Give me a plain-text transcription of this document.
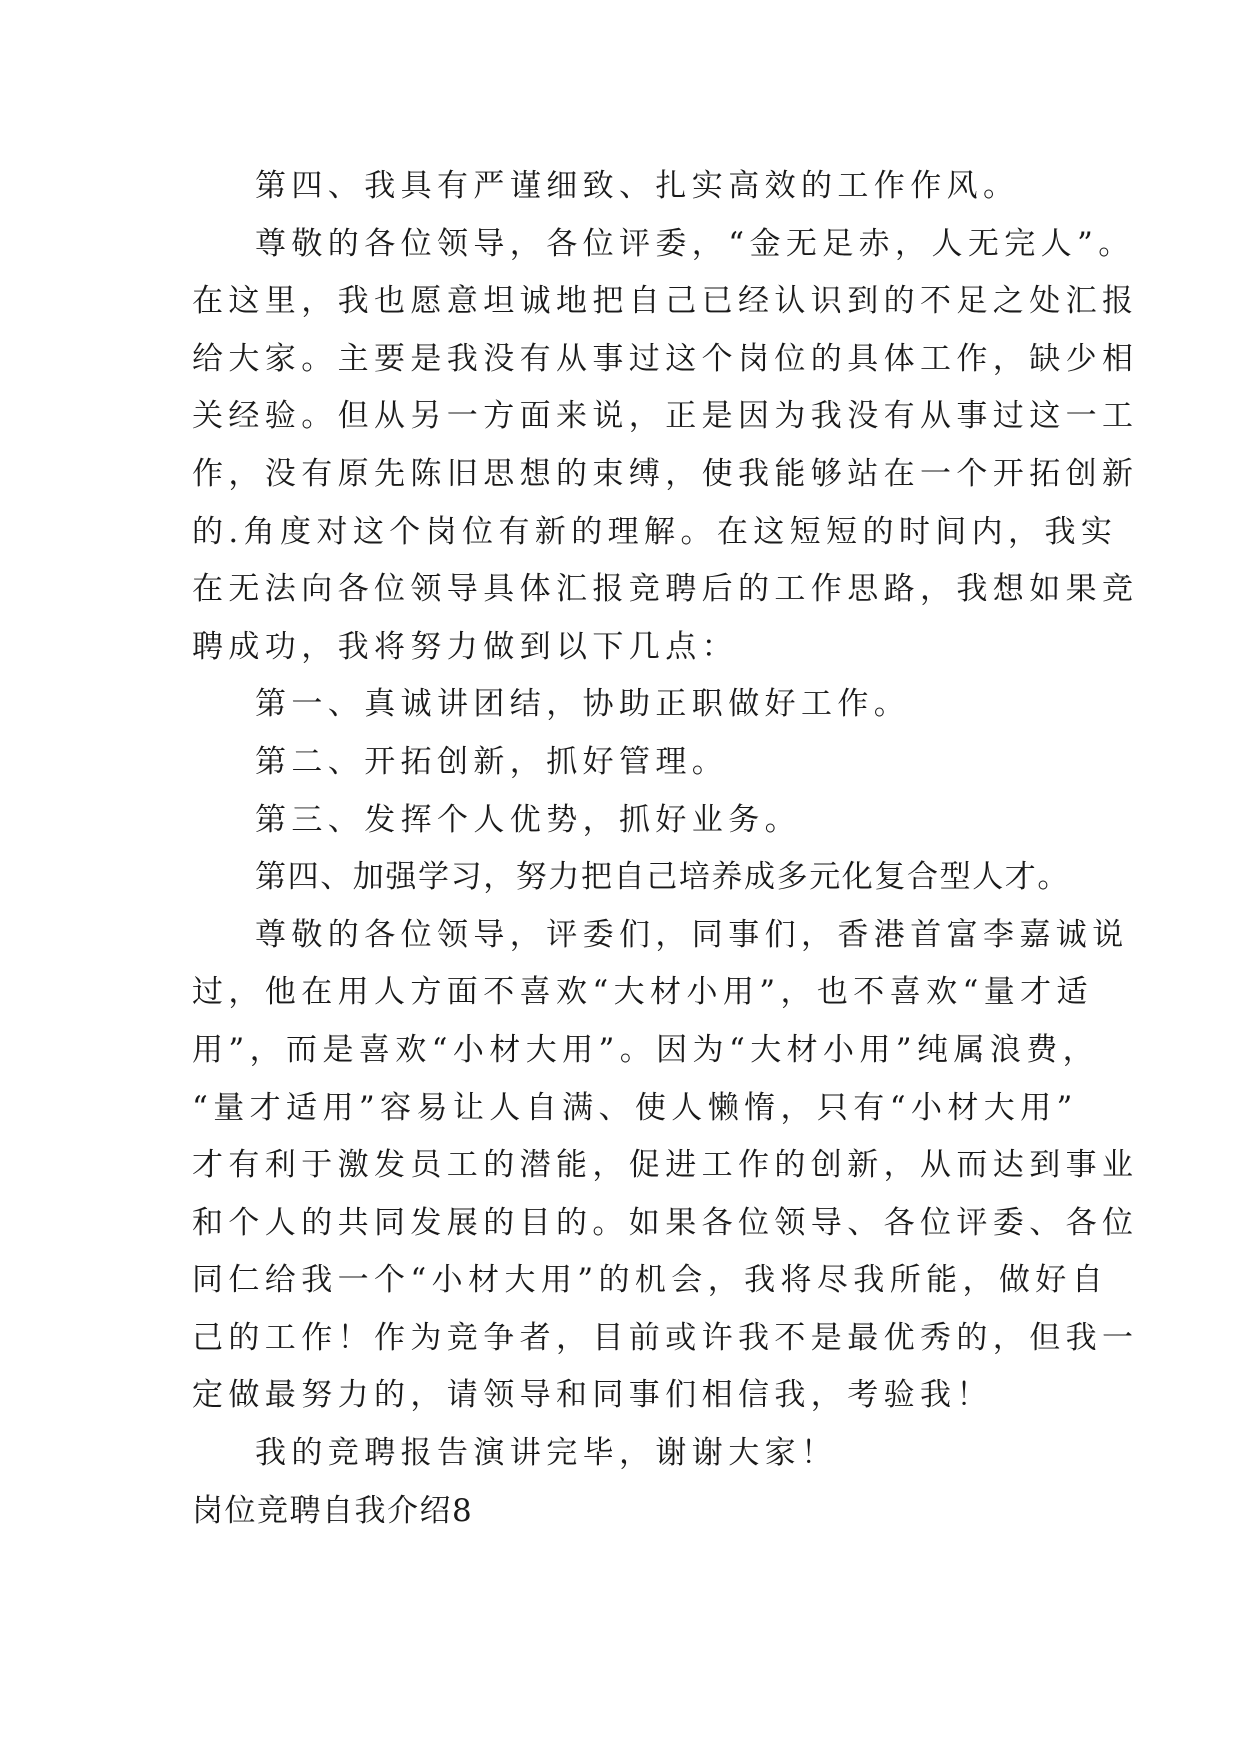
第四、我具有严谨细致、扎实高效的工作作风。
尊敬的各位领导，各位评委，“金无足赤，人无完人”。
在这里，我也愿意坦诚地把自己已经认识到的不足之处汇报
给大家。主要是我没有从事过这个岗位的具体工作，缺少相
关经验。但从另一方面来说，正是因为我没有从事过这一工
作，没有原先陈旧思想的束缚，使我能够站在一个开拓创新
的.角度对这个岗位有新的理解。在这短短的时间内，我实
在无法向各位领导具体汇报竞聘后的工作思路，我想如果竞
聘成功，我将努力做到以下几点：
第一、真诚讲团结，协助正职做好工作。
第二、开拓创新，抓好管理。
第三、发挥个人优势，抓好业务。
第四、加强学习，努力把自己培养成多元化复合型人才。
尊敬的各位领导，评委们，同事们，香港首富李嘉诚说
过，他在用人方面不喜欢“大材小用”，也不喜欢“量才适
用”，而是喜欢“小材大用”。因为“大材小用”纯属浪费，
“量才适用”容易让人自满、使人懒惰，只有“小材大用”
才有利于激发员工的潜能，促进工作的创新，从而达到事业
和个人的共同发展的目的。如果各位领导、各位评委、各位
同仁给我一个“小材大用”的机会，我将尽我所能，做好自
己的工作！作为竞争者，目前或许我不是最优秀的，但我一
定做最努力的，请领导和同事们相信我，考验我！
我的竞聘报告演讲完毕，谢谢大家！
岗位竞聘自我介绍8
